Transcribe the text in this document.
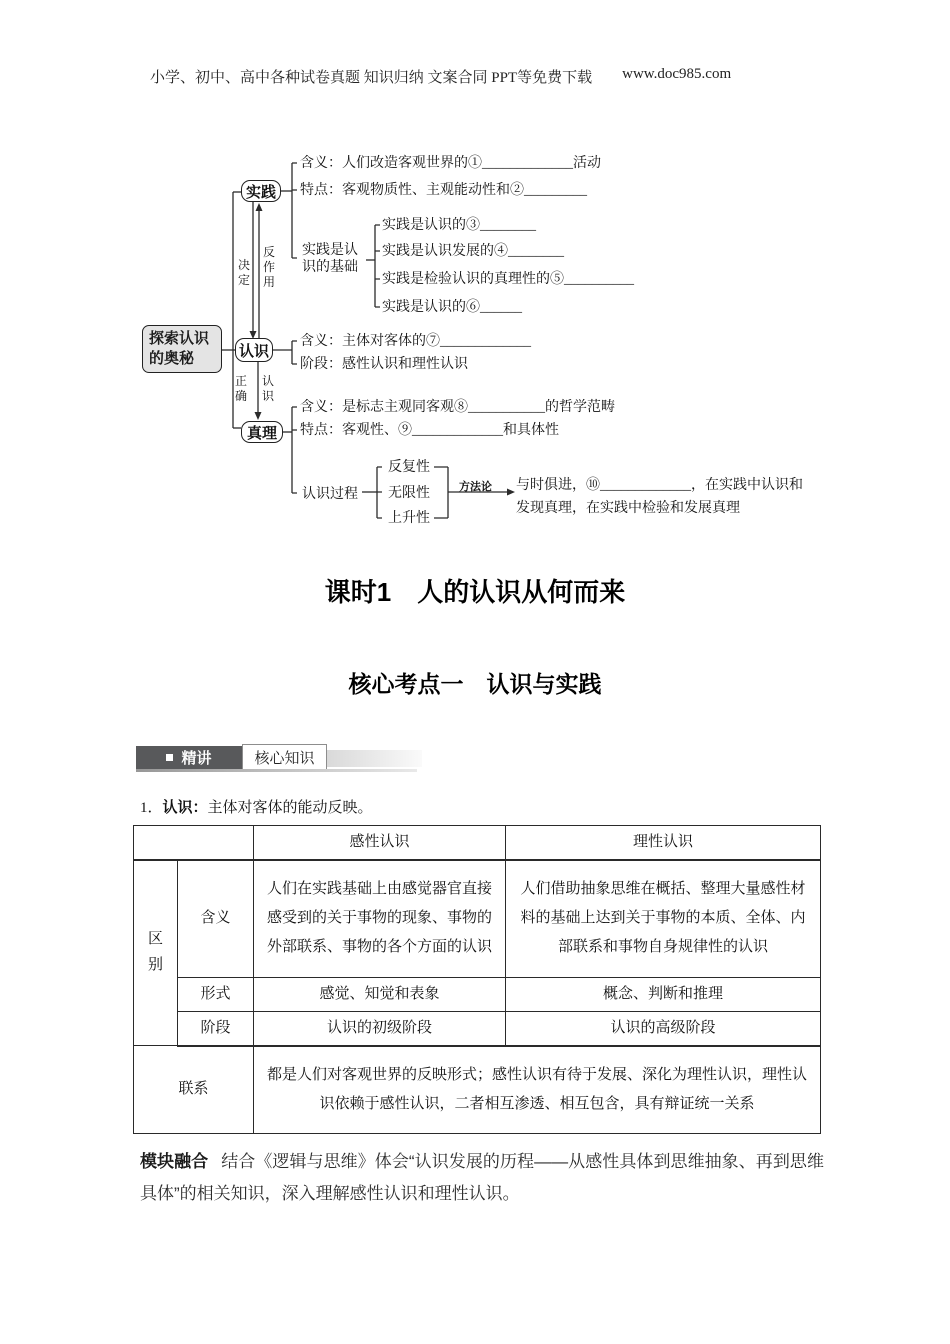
小学、初中、高中各种试卷真题 知识归纳 文案合同 PPT等免费下载 www.doc985.com
探索认识
的奥秘
实践
认识
真理
决定
反作用
正确
认识
含义：人们改造客观世界的①_____________活动
特点：客观物质性、主观能动性和②_________
实践是认识的基础
实践是认识的③________
实践是认识发展的④________
实践是检验认识的真理性的⑤__________
实践是认识的⑥______
含义：主体对客体的⑦_____________
阶段：感性认识和理性认识
含义：是标志主观同客观⑧___________的哲学范畴
特点：客观性、⑨_____________和具体性
认识过程
反复性
无限性
上升性
方法论 与时俱进，⑩_____________，在实践中认识和
发现真理，在实践中检验和发展真理
课时1　人的认识从何而来
核心考点一　认识与实践
精讲	核心知识
1．认识：主体对客体的能动反映。
		感性认识	理性认识
区别	含义	人们在实践基础上由感觉器官直接感受到的关于事物的现象、事物的外部联系、事物的各个方面的认识	人们借助抽象思维在概括、整理大量感性材料的基础上达到关于事物的本质、全体、内部联系和事物自身规律性的认识
	形式	感觉、知觉和表象	概念、判断和推理
	阶段	认识的初级阶段	认识的高级阶段
联系		都是人们对客观世界的反映形式；感性认识有待于发展、深化为理性认识，理性认识依赖于感性认识，二者相互渗透、相互包含，具有辩证统一关系	
模块融合 结合《逻辑与思维》体会“认识发展的历程——从感性具体到思维抽象、再到思维具体”的相关知识，深入理解感性认识和理性认识。
